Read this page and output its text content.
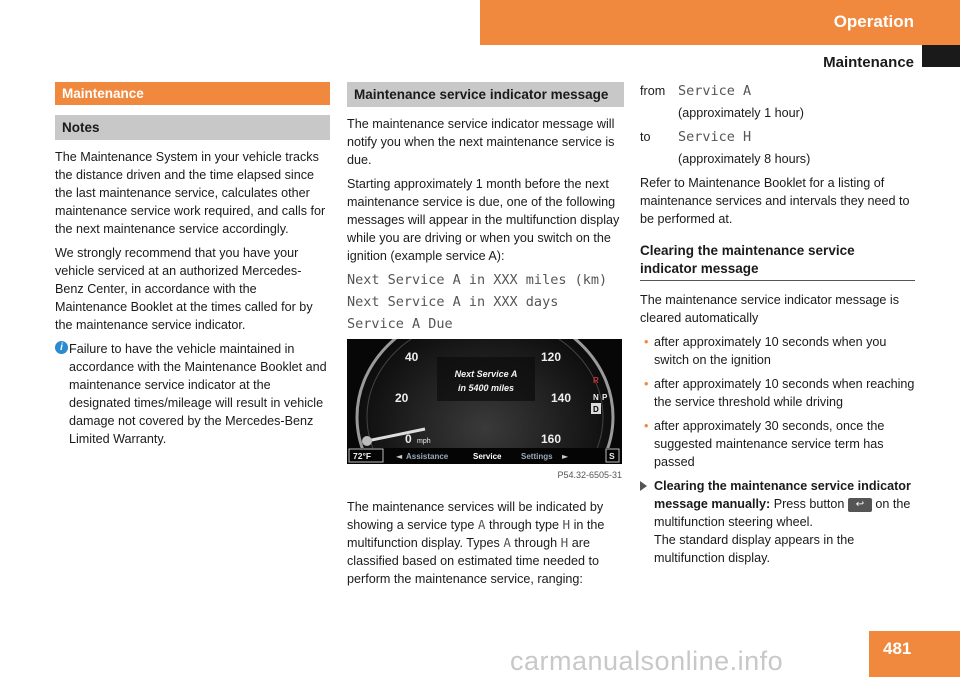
Operation
Maintenance
Maintenance
Notes

The Maintenance System in your vehicle tracks the distance driven and the time elapsed since the last maintenance service, calculates other maintenance service work required, and calls for the next maintenance service accordingly.

We strongly recommend that you have your vehicle serviced at an authorized Mercedes-Benz Center, in accordance with the Maintenance Booklet at the times called for by the maintenance service indicator.

i Failure to have the vehicle maintained in accordance with the Maintenance Booklet and maintenance service indicator at the designated times/mileage will result in vehicle damage not covered by the Mercedes-Benz Limited Warranty.
Maintenance service indicator message

The maintenance service indicator message will notify you when the next maintenance service is due.

Starting approximately 1 month before the next maintenance service is due, one of the following messages will appear in the multifunction display while you are driving or when you switch on the ignition (example service A):

Next Service A in XXX miles (km)
Next Service A in XXX days
Service A Due
40
20
0 mph
120
140
160
Next Service A
in 5400 miles
R
N P
D
72°F	◄ Assistance	Service Settings ►	S
P54.32-6505-31

The maintenance services will be indicated by showing a service type A through type H in the multifunction display. Types A through H are classified based on estimated time needed to perform the maintenance service, ranging:

from Service A
(approximately 1 hour)
to	Service H
(approximately 8 hours)

Refer to Maintenance Booklet for a listing of maintenance services and intervals they need to be performed at.

Clearing the maintenance service indicator message

The maintenance service indicator message is cleared automatically

• after approximately 10 seconds when you switch on the ignition
• after approximately 10 seconds when reaching the service threshold while driving
• after approximately 30 seconds, once the suggested maintenance service term has passed
Clearing the maintenance service indicator message manually: Press button ↩ on the multifunction steering wheel.
The standard display appears in the multifunction display.
481
carmanualsonline.info
